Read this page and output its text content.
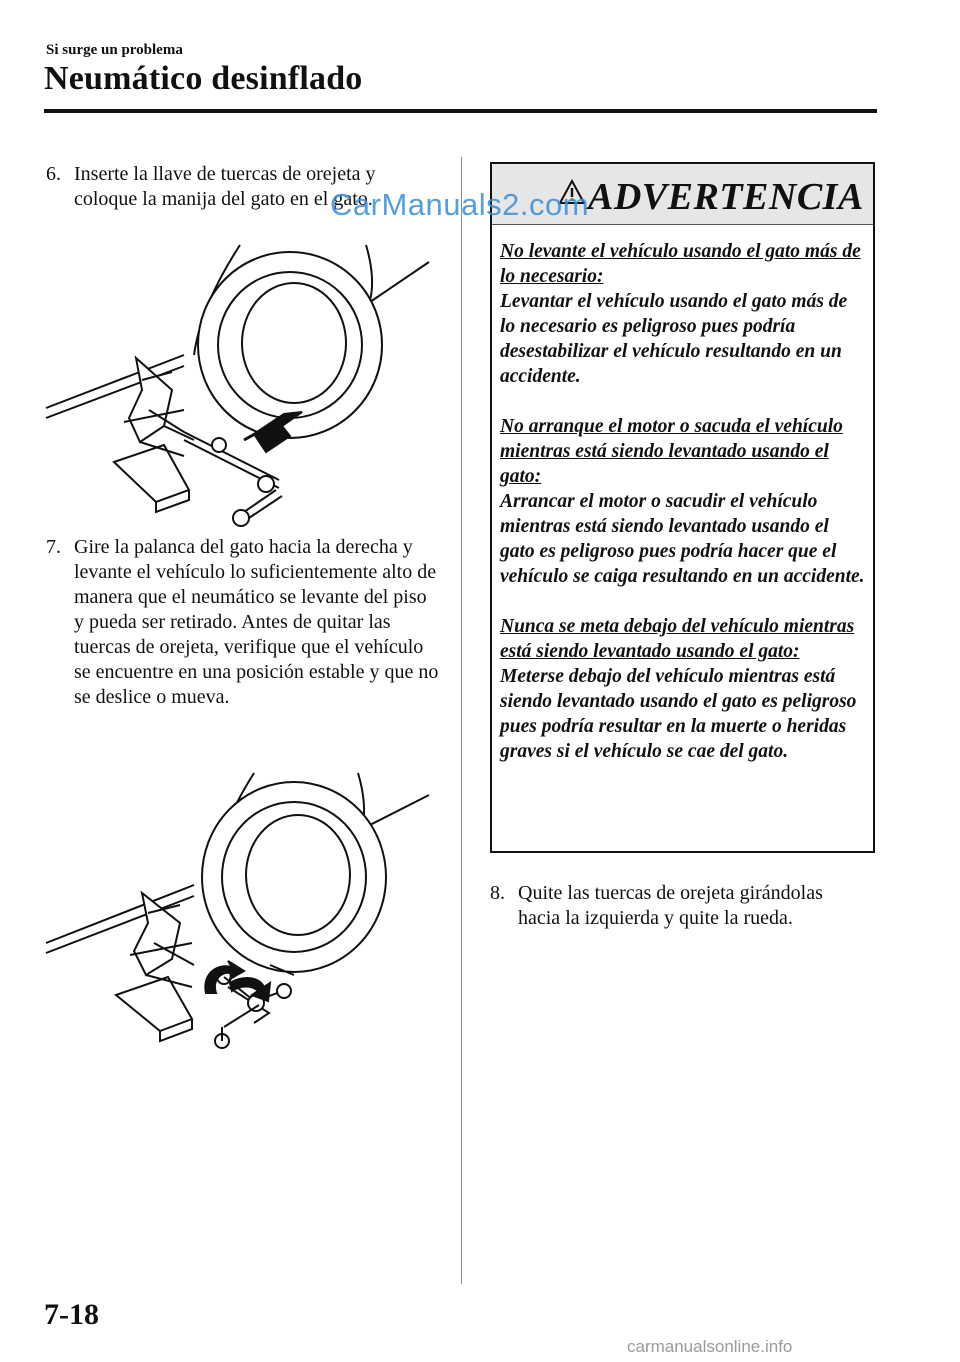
Si surge un problema
Neumático desinflado
6. Inserte la llave de tuercas de orejeta y coloque la manija del gato en el gato.
7. Gire la palanca del gato hacia la derecha y levante el vehículo lo suficientemente alto de manera que el neumático se levante del piso y pueda ser retirado. Antes de quitar las tuercas de orejeta, verifique que el vehículo se encuentre en una posición estable y que no se deslice o mueva.
ADVERTENCIA

No levante el vehículo usando el gato más de lo necesario:
Levantar el vehículo usando el gato más de lo necesario es peligroso pues podría desestabilizar el vehículo resultando en un accidente.

No arranque el motor o sacuda el vehículo mientras está siendo levantado usando el gato:
Arrancar el motor o sacudir el vehículo mientras está siendo levantado usando el gato es peligroso pues podría hacer que el vehículo se caiga resultando en un accidente.

Nunca se meta debajo del vehículo mientras está siendo levantado usando el gato:
Meterse debajo del vehículo mientras está siendo levantado usando el gato es peligroso pues podría resultar en la muerte o heridas graves si el vehículo se cae del gato.

8. Quite las tuercas de orejeta girándolas hacia la izquierda y quite la rueda.
CarManuals2.com
7-18
carmanualsonline.info
